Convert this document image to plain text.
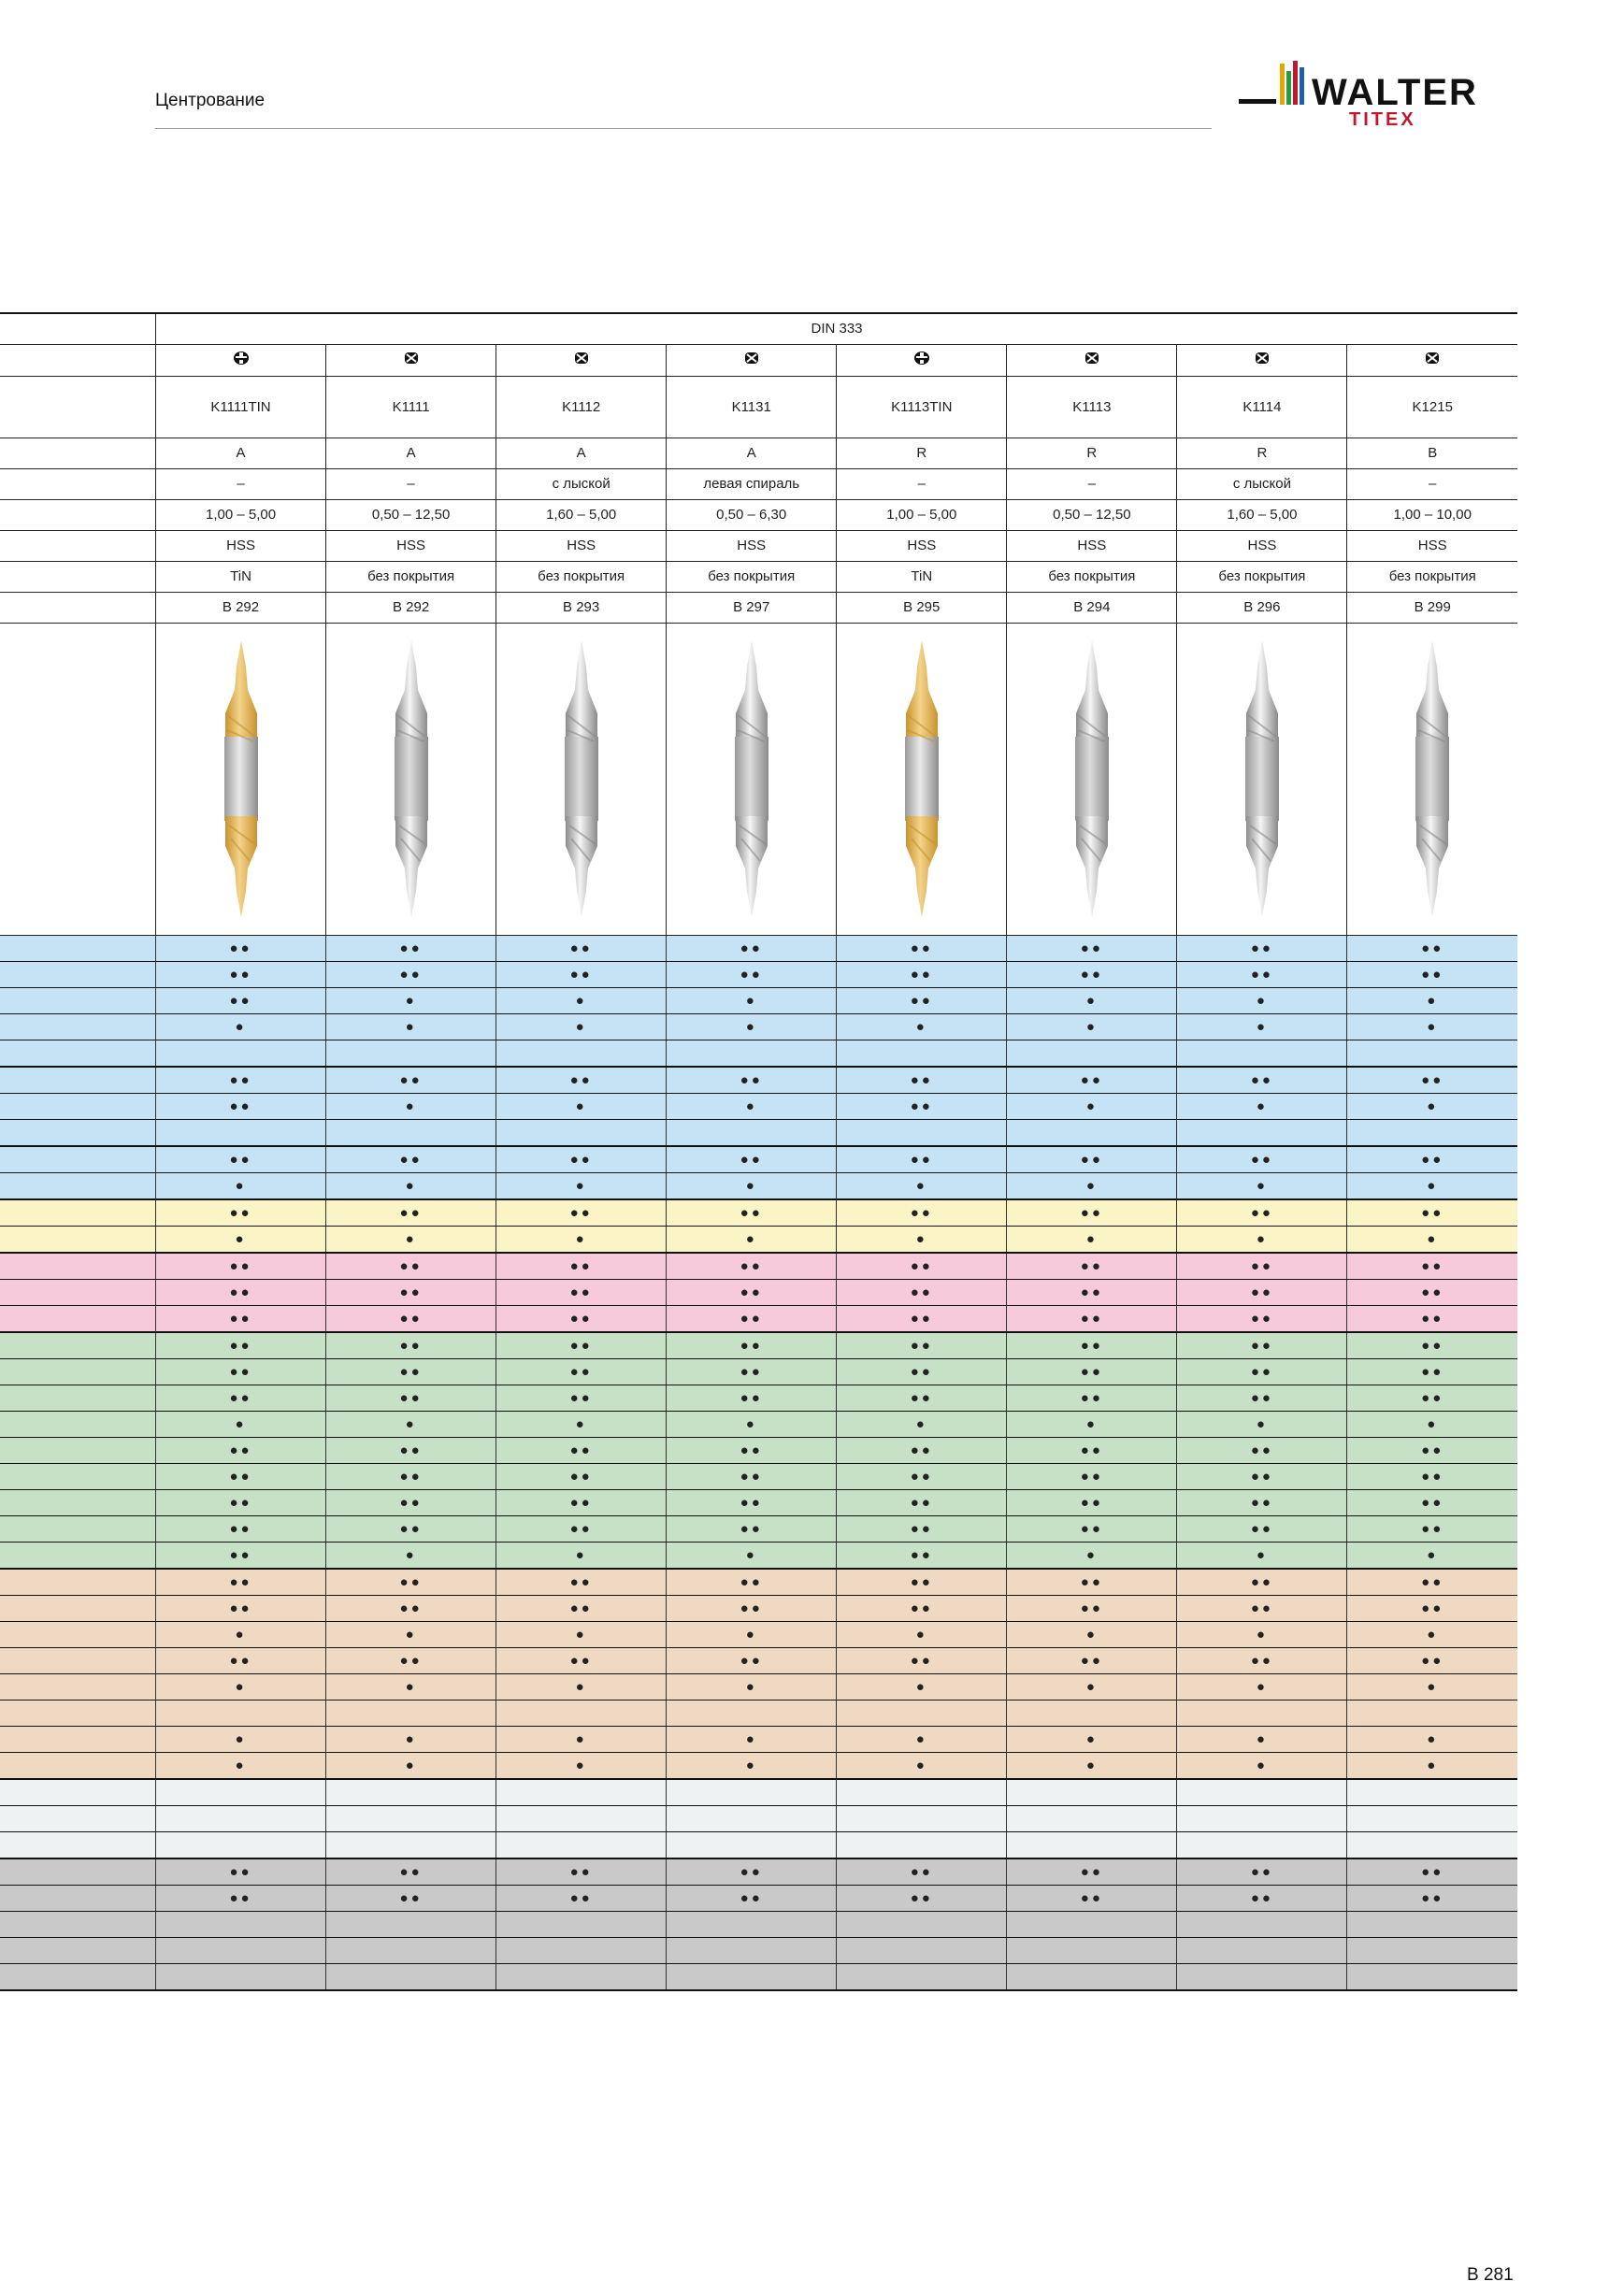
Центрование	WALTER
TITEX
	DIN 333							

	K1111TIN	K1111	K1112	K1131	K1113TIN	K1113	K1114	K1215
	A	A	A	A	R	R	R	B
	–	–	с лыской	левая спираль	–	–	с лыской	–
	1,00 – 5,00	0,50 – 12,50	1,60 – 5,00	0,50 – 6,30	1,00 – 5,00	0,50 – 12,50	1,60 – 5,00	1,00 – 10,00
	HSS	HSS	HSS	HSS	HSS	HSS	HSS	HSS
	TiN	без покрытия	без покрытия	без покрытия	TiN	без покрытия	без покрытия	без покрытия
	B 292	B 292	B 293	B 297	B 295	B 294	B 296	B 299

	●●	●●	●●	●●	●●	●●	●●	●●
	●●	●●	●●	●●	●●	●●	●●	●●
	●●	●	●	●	●●	●	●	●
	●	●	●	●	●	●	●	●

	●●	●●	●●	●●	●●	●●	●●	●●
	●●	●	●	●	●●	●	●	●

	●●	●●	●●	●●	●●	●●	●●	●●
	●	●	●	●	●	●	●	●
	●●	●●	●●	●●	●●	●●	●●	●●
	●	●	●	●	●	●	●	●
	●●	●●	●●	●●	●●	●●	●●	●●
	●●	●●	●●	●●	●●	●●	●●	●●
	●●	●●	●●	●●	●●	●●	●●	●●
	●●	●●	●●	●●	●●	●●	●●	●●
	●●	●●	●●	●●	●●	●●	●●	●●
	●●	●●	●●	●●	●●	●●	●●	●●
	●	●	●	●	●	●	●	●
	●●	●●	●●	●●	●●	●●	●●	●●
	●●	●●	●●	●●	●●	●●	●●	●●
	●●	●●	●●	●●	●●	●●	●●	●●
	●●	●●	●●	●●	●●	●●	●●	●●
	●●	●	●	●	●●	●	●	●
	●●	●●	●●	●●	●●	●●	●●	●●
	●●	●●	●●	●●	●●	●●	●●	●●
	●	●	●	●	●	●	●	●
	●●	●●	●●	●●	●●	●●	●●	●●
	●	●	●	●	●	●	●	●

	●	●	●	●	●	●	●	●
	●	●	●	●	●	●	●	●

	●●	●●	●●	●●	●●	●●	●●	●●
	●●	●●	●●	●●	●●	●●	●●	●●

B 281
